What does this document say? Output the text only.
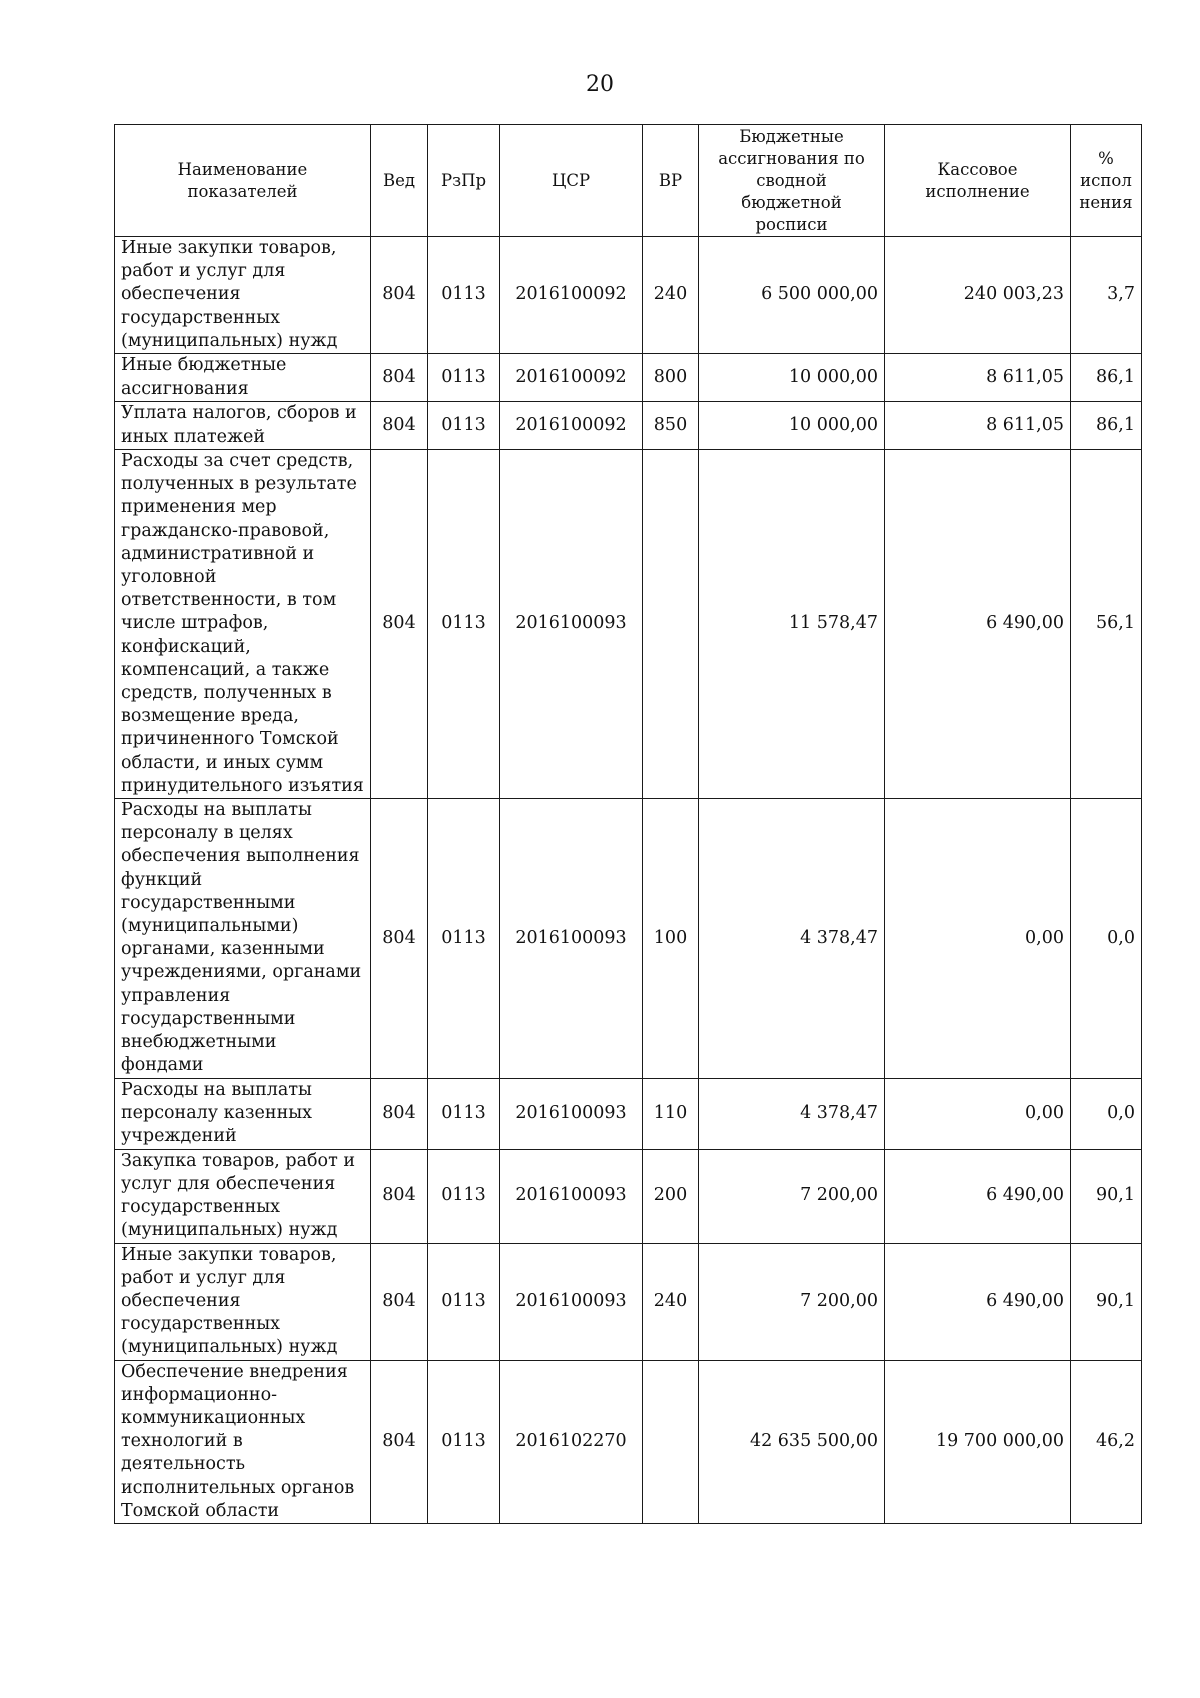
20
Наименование показателей	Вед	РзПр	ЦСР	ВР	Бюджетные ассигнования по сводной бюджетной росписи	Кассовое исполнение	% испол нения
Иные закупки товаров, работ и услуг для обеспечения государственных (муниципальных) нужд	804	0113	2016100092	240	6 500 000,00	240 003,23	3,7
Иные бюджетные ассигнования	804	0113	2016100092	800	10 000,00	8 611,05	86,1
Уплата налогов, сборов и иных платежей	804	0113	2016100092	850	10 000,00	8 611,05	86,1
Расходы за счет средств, полученных в результате применения мер гражданско-правовой, административной и уголовной ответственности, в том числе штрафов, конфискаций, компенсаций, а также средств, полученных в возмещение вреда, причиненного Томской области, и иных сумм принудительного изъятия	804	0113	2016100093		11 578,47	6 490,00	56,1
Расходы на выплаты персоналу в целях обеспечения выполнения функций государственными (муниципальными) органами, казенными учреждениями, органами управления государственными внебюджетными фондами	804	0113	2016100093	100	4 378,47	0,00	0,0
Расходы на выплаты персоналу казенных учреждений	804	0113	2016100093	110	4 378,47	0,00	0,0
Закупка товаров, работ и услуг для обеспечения государственных (муниципальных) нужд	804	0113	2016100093	200	7 200,00	6 490,00	90,1
Иные закупки товаров, работ и услуг для обеспечения государственных (муниципальных) нужд	804	0113	2016100093	240	7 200,00	6 490,00	90,1
Обеспечение внедрения информационно-коммуникационных технологий в деятельность исполнительных органов Томской области	804	0113	2016102270		42 635 500,00	19 700 000,00	46,2
